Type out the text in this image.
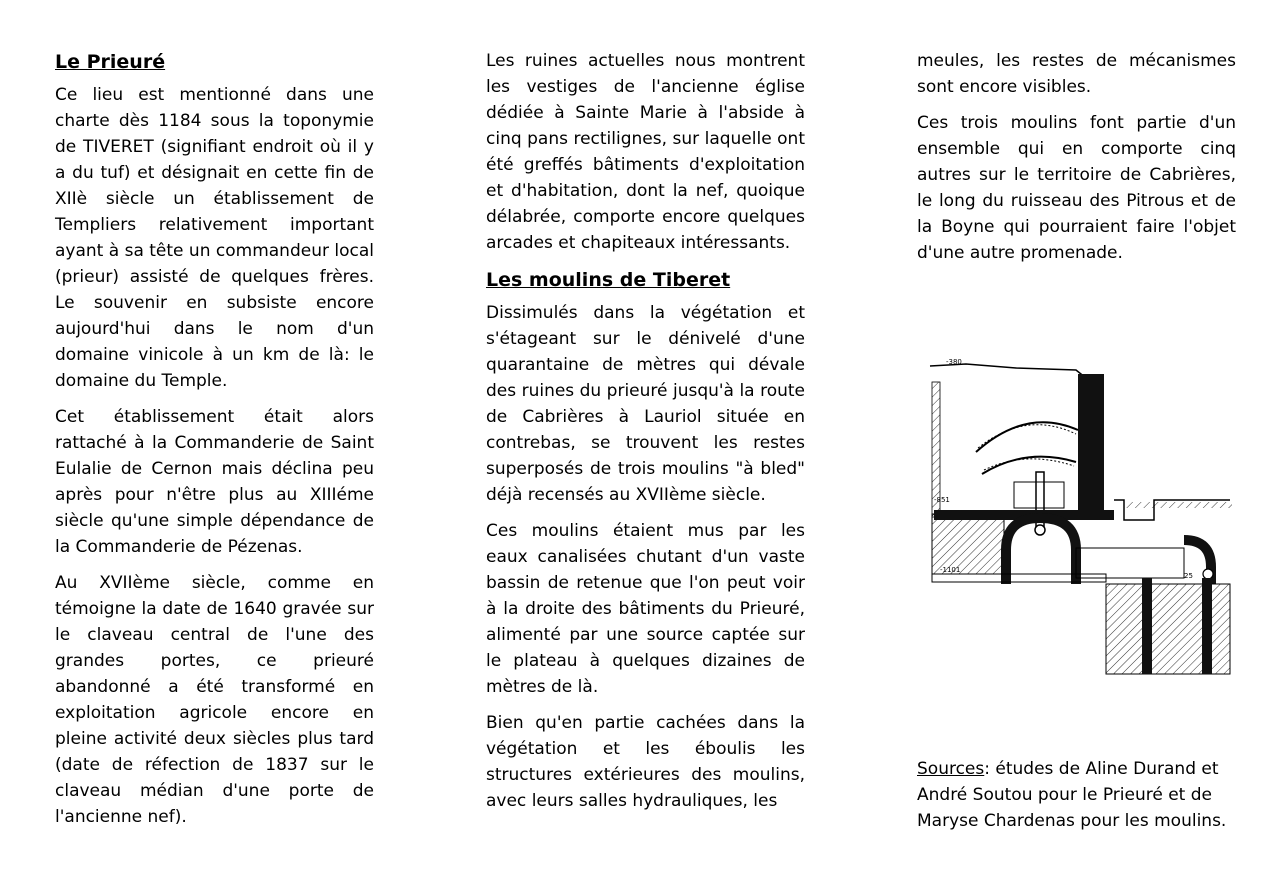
Le Prieuré

Ce lieu est mentionné dans une charte dès 1184 sous la toponymie de TIVERET (signifiant endroit où il y a du tuf) et désignait en cette fin de XIIè siècle un établissement de Templiers relativement important ayant à sa tête un commandeur local (prieur) assisté de quelques frères. Le souvenir en subsiste encore aujourd'hui dans le nom d'un domaine vinicole à un km de là: le domaine du Temple.

Cet établissement était alors rattaché à la Commanderie de Saint Eulalie de Cernon mais déclina peu après pour n'être plus au XIIIéme siècle qu'une simple dépendance de la Commanderie de Pézenas.

Au XVIIème siècle, comme en témoigne la date de 1640 gravée sur le claveau central de l'une des grandes portes, ce prieuré abandonné a été transformé en exploitation agricole encore en pleine activité deux siècles plus tard (date de réfection de 1837 sur le claveau médian d'une porte de l'ancienne nef).

Les ruines actuelles nous montrent les vestiges de l'ancienne église dédiée à Sainte Marie à l'abside à cinq pans rectilignes, sur laquelle ont été greffés bâtiments d'exploitation et d'habitation, dont la nef, quoique délabrée, comporte encore quelques arcades et chapiteaux intéressants.

Les moulins de Tiberet

Dissimulés dans la végétation et s'étageant sur le dénivelé d'une quarantaine de mètres qui dévale des ruines du prieuré jusqu'à la route de Cabrières à Lauriol située en contrebas, se trouvent les restes superposés de trois moulins "à bled" déjà recensés au XVIIème siècle.

Ces moulins étaient mus par les eaux canalisées chutant d'un vaste bassin de retenue que l'on peut voir à la droite des bâtiments du Prieuré, alimenté par une source captée sur le plateau à quelques dizaines de mètres de là.

Bien qu'en partie cachées dans la végétation et les éboulis les structures extérieures des moulins, avec leurs salles hydrauliques, les

meules, les restes de mécanismes sont encore visibles.

Ces trois moulins font partie d'un ensemble qui en comporte cinq autres sur le territoire de Cabrières, le long du ruisseau des Pitrous et de la Boyne qui pourraient faire l'objet d'une autre promenade.

-380
-851
-1101
25
Sources: études de Aline Durand et André Soutou pour le Prieuré et de Maryse Chardenas pour les moulins.
